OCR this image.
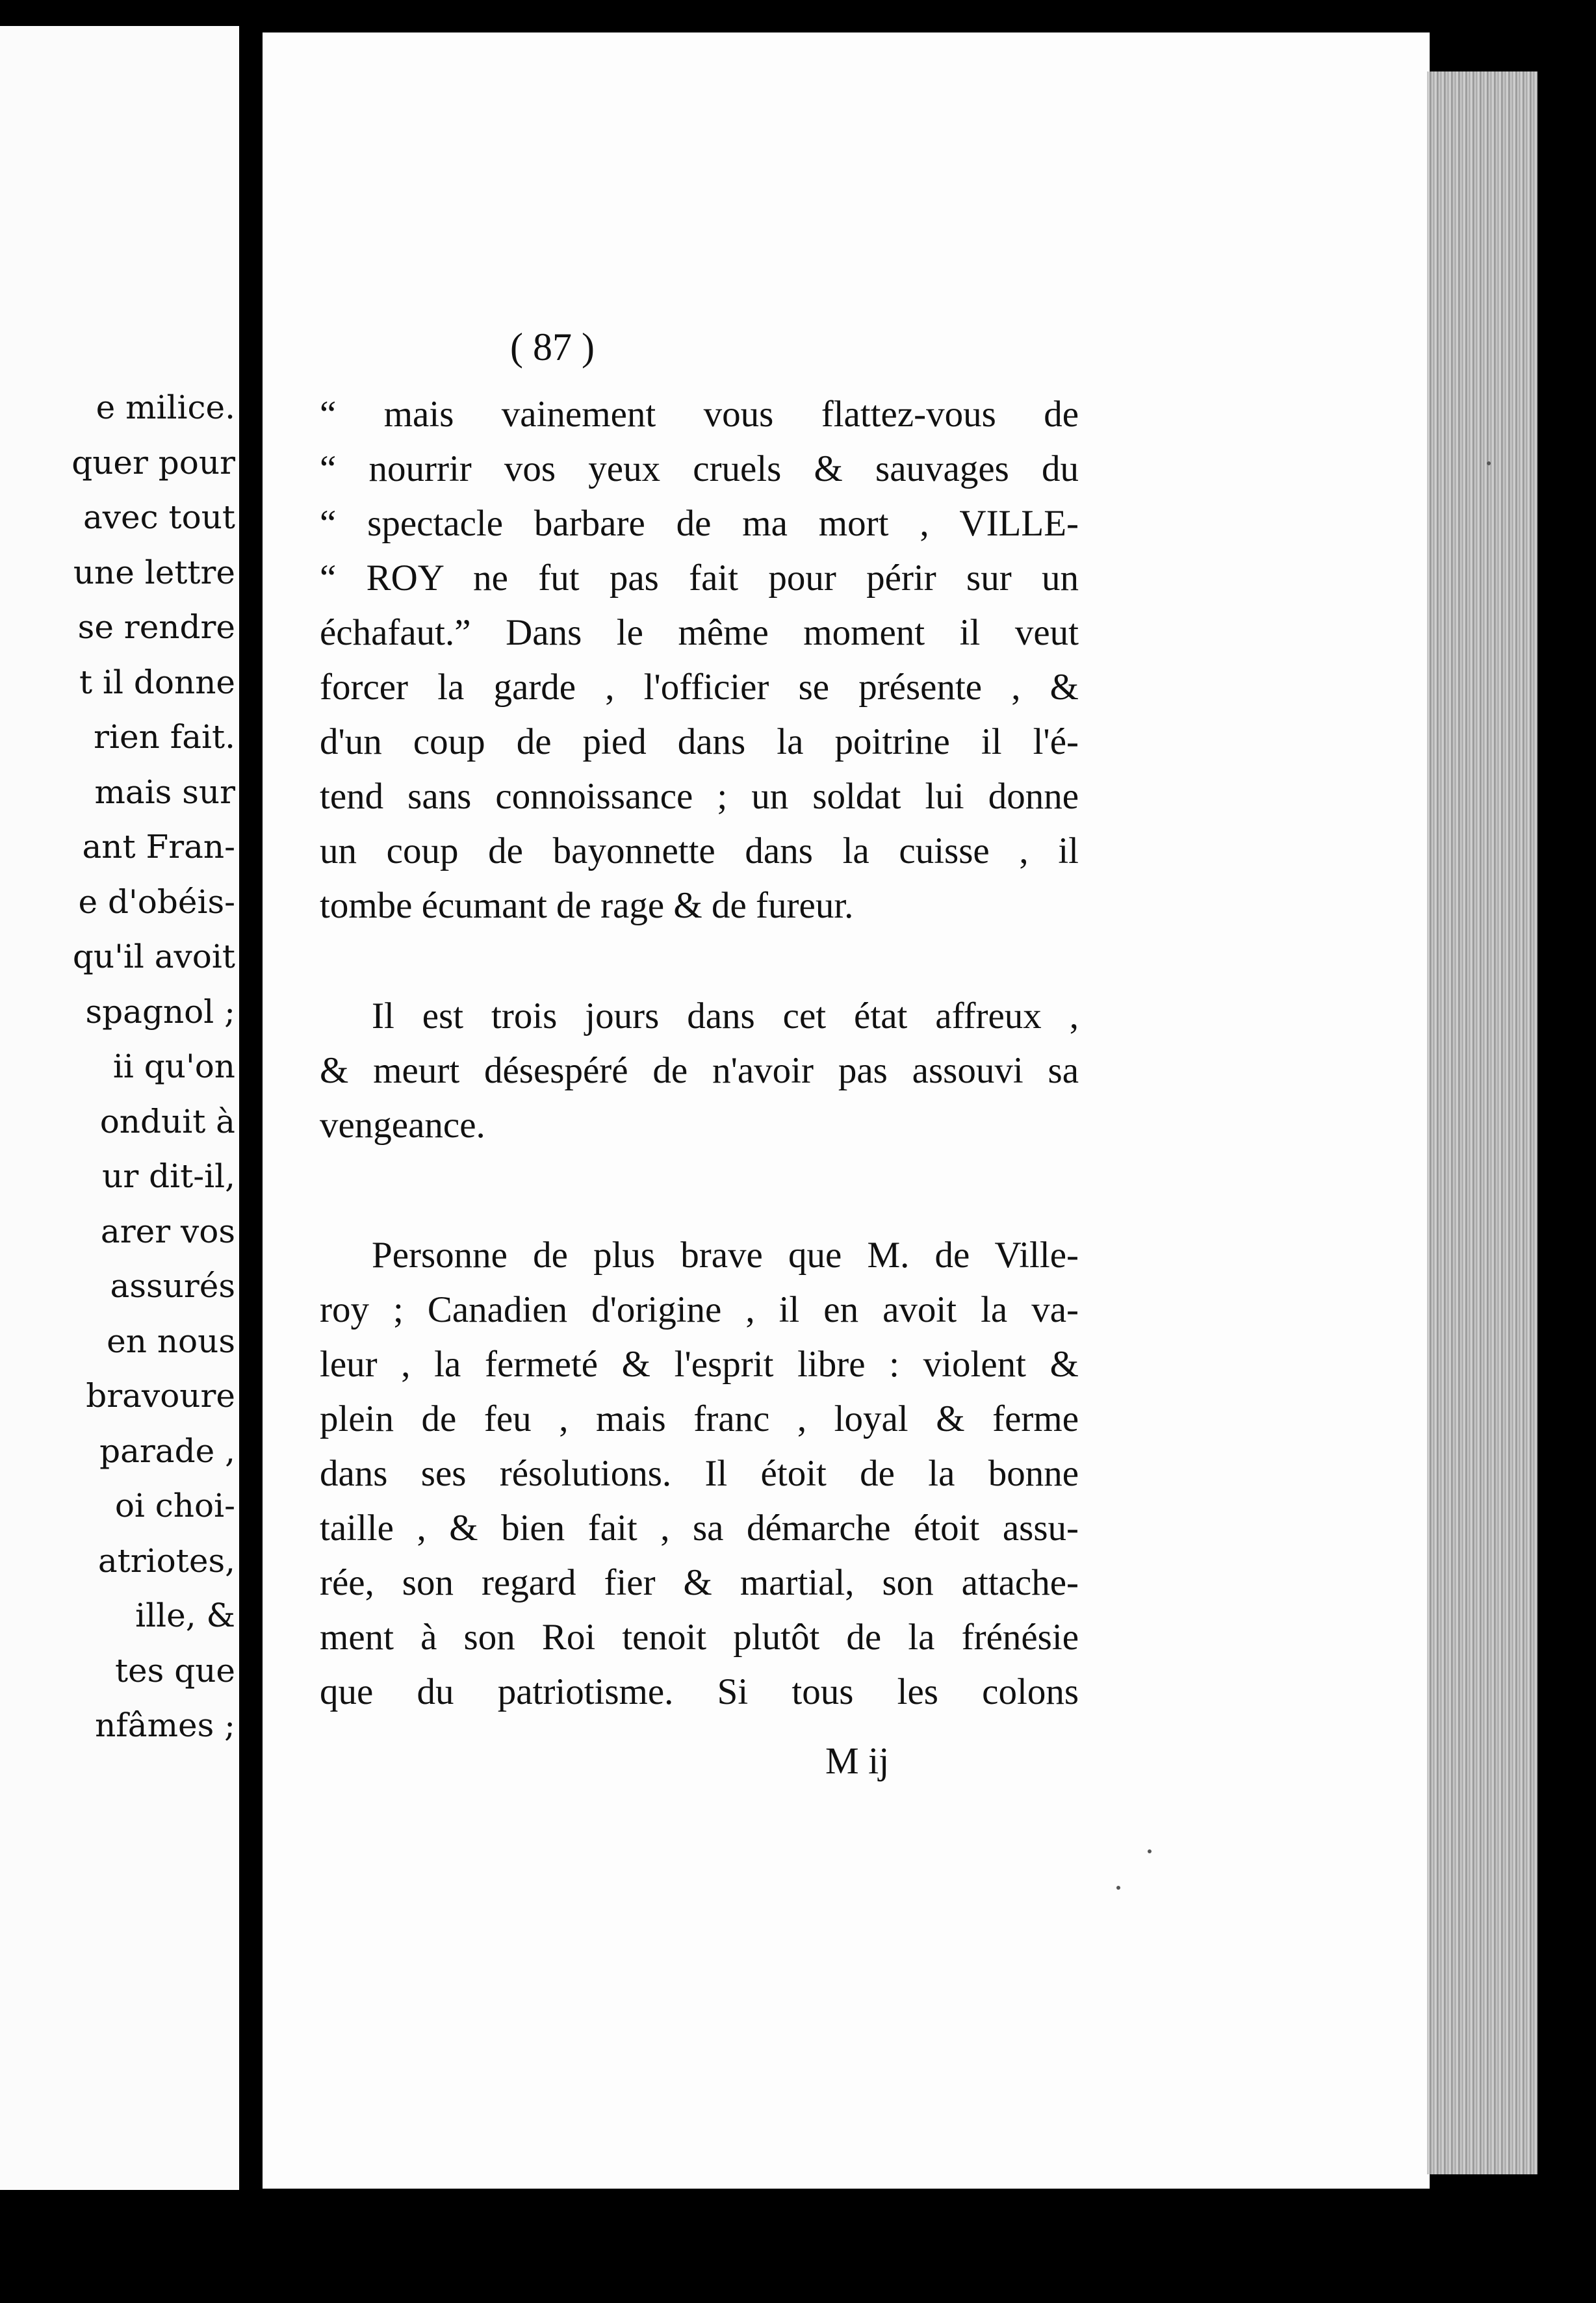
e milice.
quer pour
avec tout
une lettre
se rendre
t il donne
rien fait.
mais sur
ant Fran-
e d'obéis-
qu'il avoit
spagnol ;
ii qu'on
onduit à
ur dit-il,
arer vos
assurés
en nous
bravoure
parade ,
oi choi-
atriotes,
ille, &
tes que
nfâmes ;
( 87 )
“ mais vainement vous flattez-vous de
“ nourrir vos yeux cruels & sauvages du
“ spectacle barbare de ma mort , VILLE-
“ ROY ne fut pas fait pour périr sur un
échafaut.” Dans le même moment il veut
forcer la garde , l'officier se présente , &
d'un coup de pied dans la poitrine il l'é-
tend sans connoissance ; un soldat lui donne
un coup de bayonnette dans la cuisse , il
tombe écumant de rage & de fureur.
Il est trois jours dans cet état affreux ,
& meurt désespéré de n'avoir pas assouvi sa
vengeance.
Personne de plus brave que M. de Ville-
roy ; Canadien d'origine , il en avoit la va-
leur , la fermeté & l'esprit libre : violent &
plein de feu , mais franc , loyal & ferme
dans ses résolutions. Il étoit de la bonne
taille , & bien fait , sa démarche étoit assu-
rée, son regard fier & martial, son attache-
ment à son Roi tenoit plutôt de la frénésie
que du patriotisme. Si tous les colons
M ij
